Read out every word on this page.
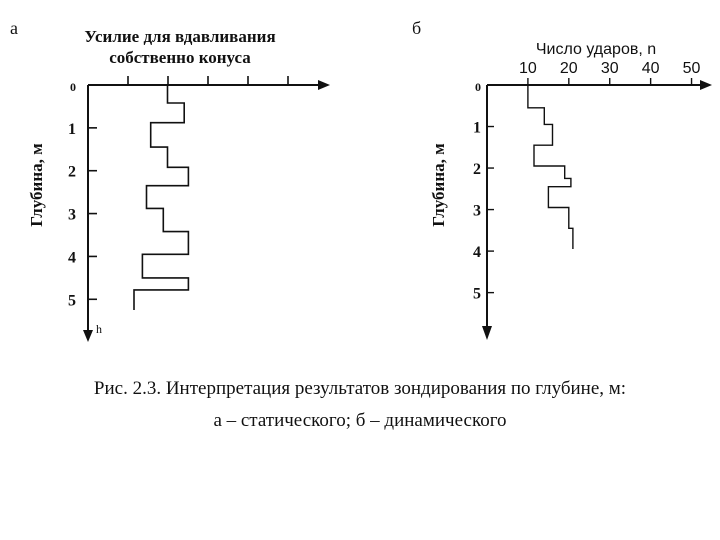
а	Усилие для вдавливания
собственно конуса
Глубина, м
h
0
1
2
3
4
5
б
Число ударов, n
Глубина, м
10 20 30 40 50
0
1
2
3
4
5
Рис. 2.3. Интерпретация результатов зондирования по глубине, м:
а – статического; б – динамического
